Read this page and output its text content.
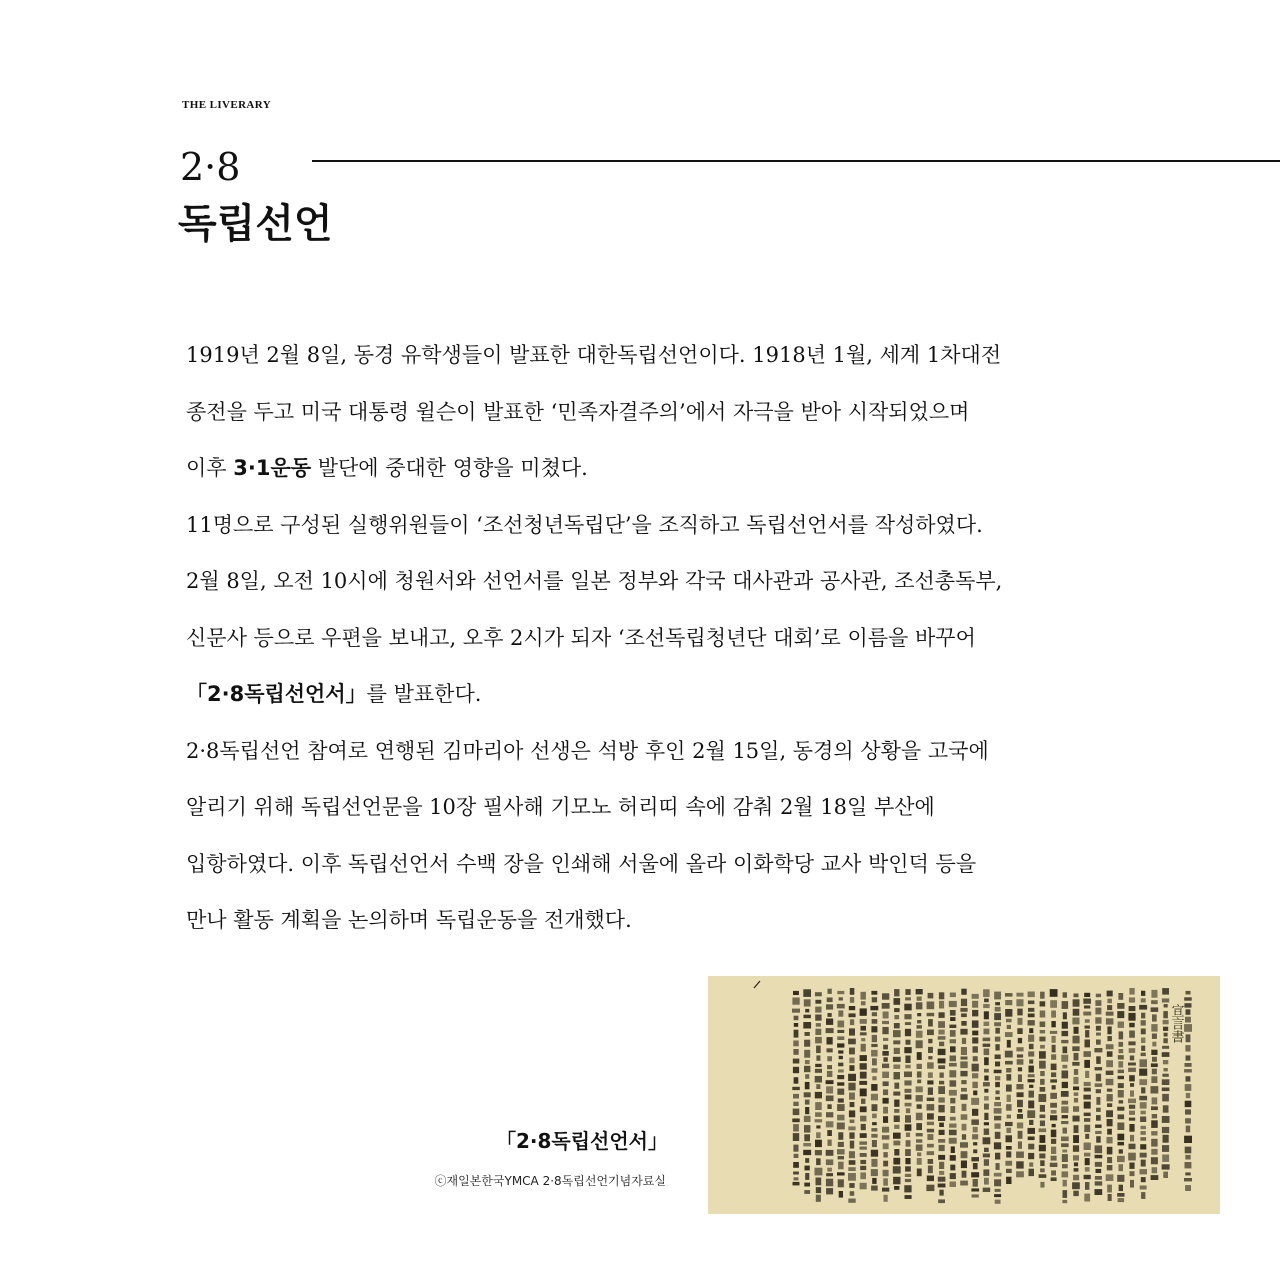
THE LIVERARY
2·8
독립선언
1919년 2월 8일, 동경 유학생들이 발표한 대한독립선언이다. 1918년 1월, 세계 1차대전
종전을 두고 미국 대통령 윌슨이 발표한 ‘민족자결주의’에서 자극을 받아 시작되었으며
이후 3·1운동 발단에 중대한 영향을 미쳤다.
11명으로 구성된 실행위원들이 ‘조선청년독립단’을 조직하고 독립선언서를 작성하였다.
2월 8일, 오전 10시에 청원서와 선언서를 일본 정부와 각국 대사관과 공사관, 조선총독부,
신문사 등으로 우편을 보내고, 오후 2시가 되자 ‘조선독립청년단 대회’로 이름을 바꾸어
「2·8독립선언서」를 발표한다.
2·8독립선언 참여로 연행된 김마리아 선생은 석방 후인 2월 15일, 동경의 상황을 고국에
알리기 위해 독립선언문을 10장 필사해 기모노 허리띠 속에 감춰 2월 18일 부산에
입항하였다. 이후 독립선언서 수백 장을 인쇄해 서울에 올라 이화학당 교사 박인덕 등을
만나 활동 계획을 논의하며 독립운동을 전개했다.
「2·8독립선언서」
ⓒ재일본한국YMCA 2·8독립선언기념자료실
宣言書
